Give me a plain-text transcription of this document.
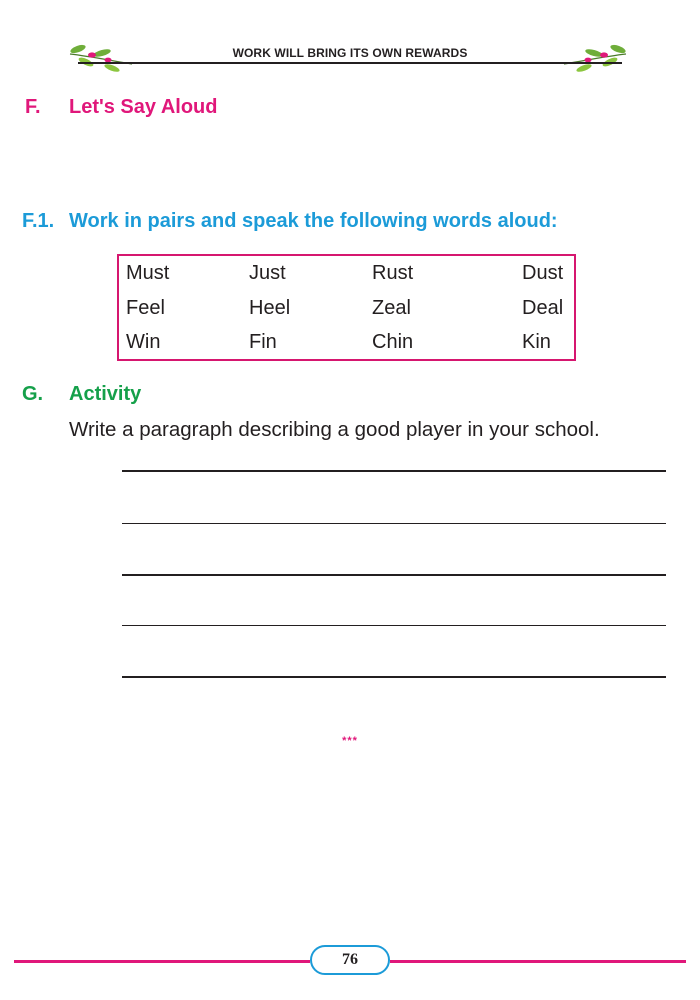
WORK WILL BRING ITS OWN REWARDS
F. Let's Say Aloud
F.1. Work in pairs and speak the following words aloud:
Must	Just	Rust	Dust
Feel	Heel	Zeal	Deal
Win	Fin	Chin	Kin
G. Activity
Write a paragraph describing a good player in your school.
***
76
